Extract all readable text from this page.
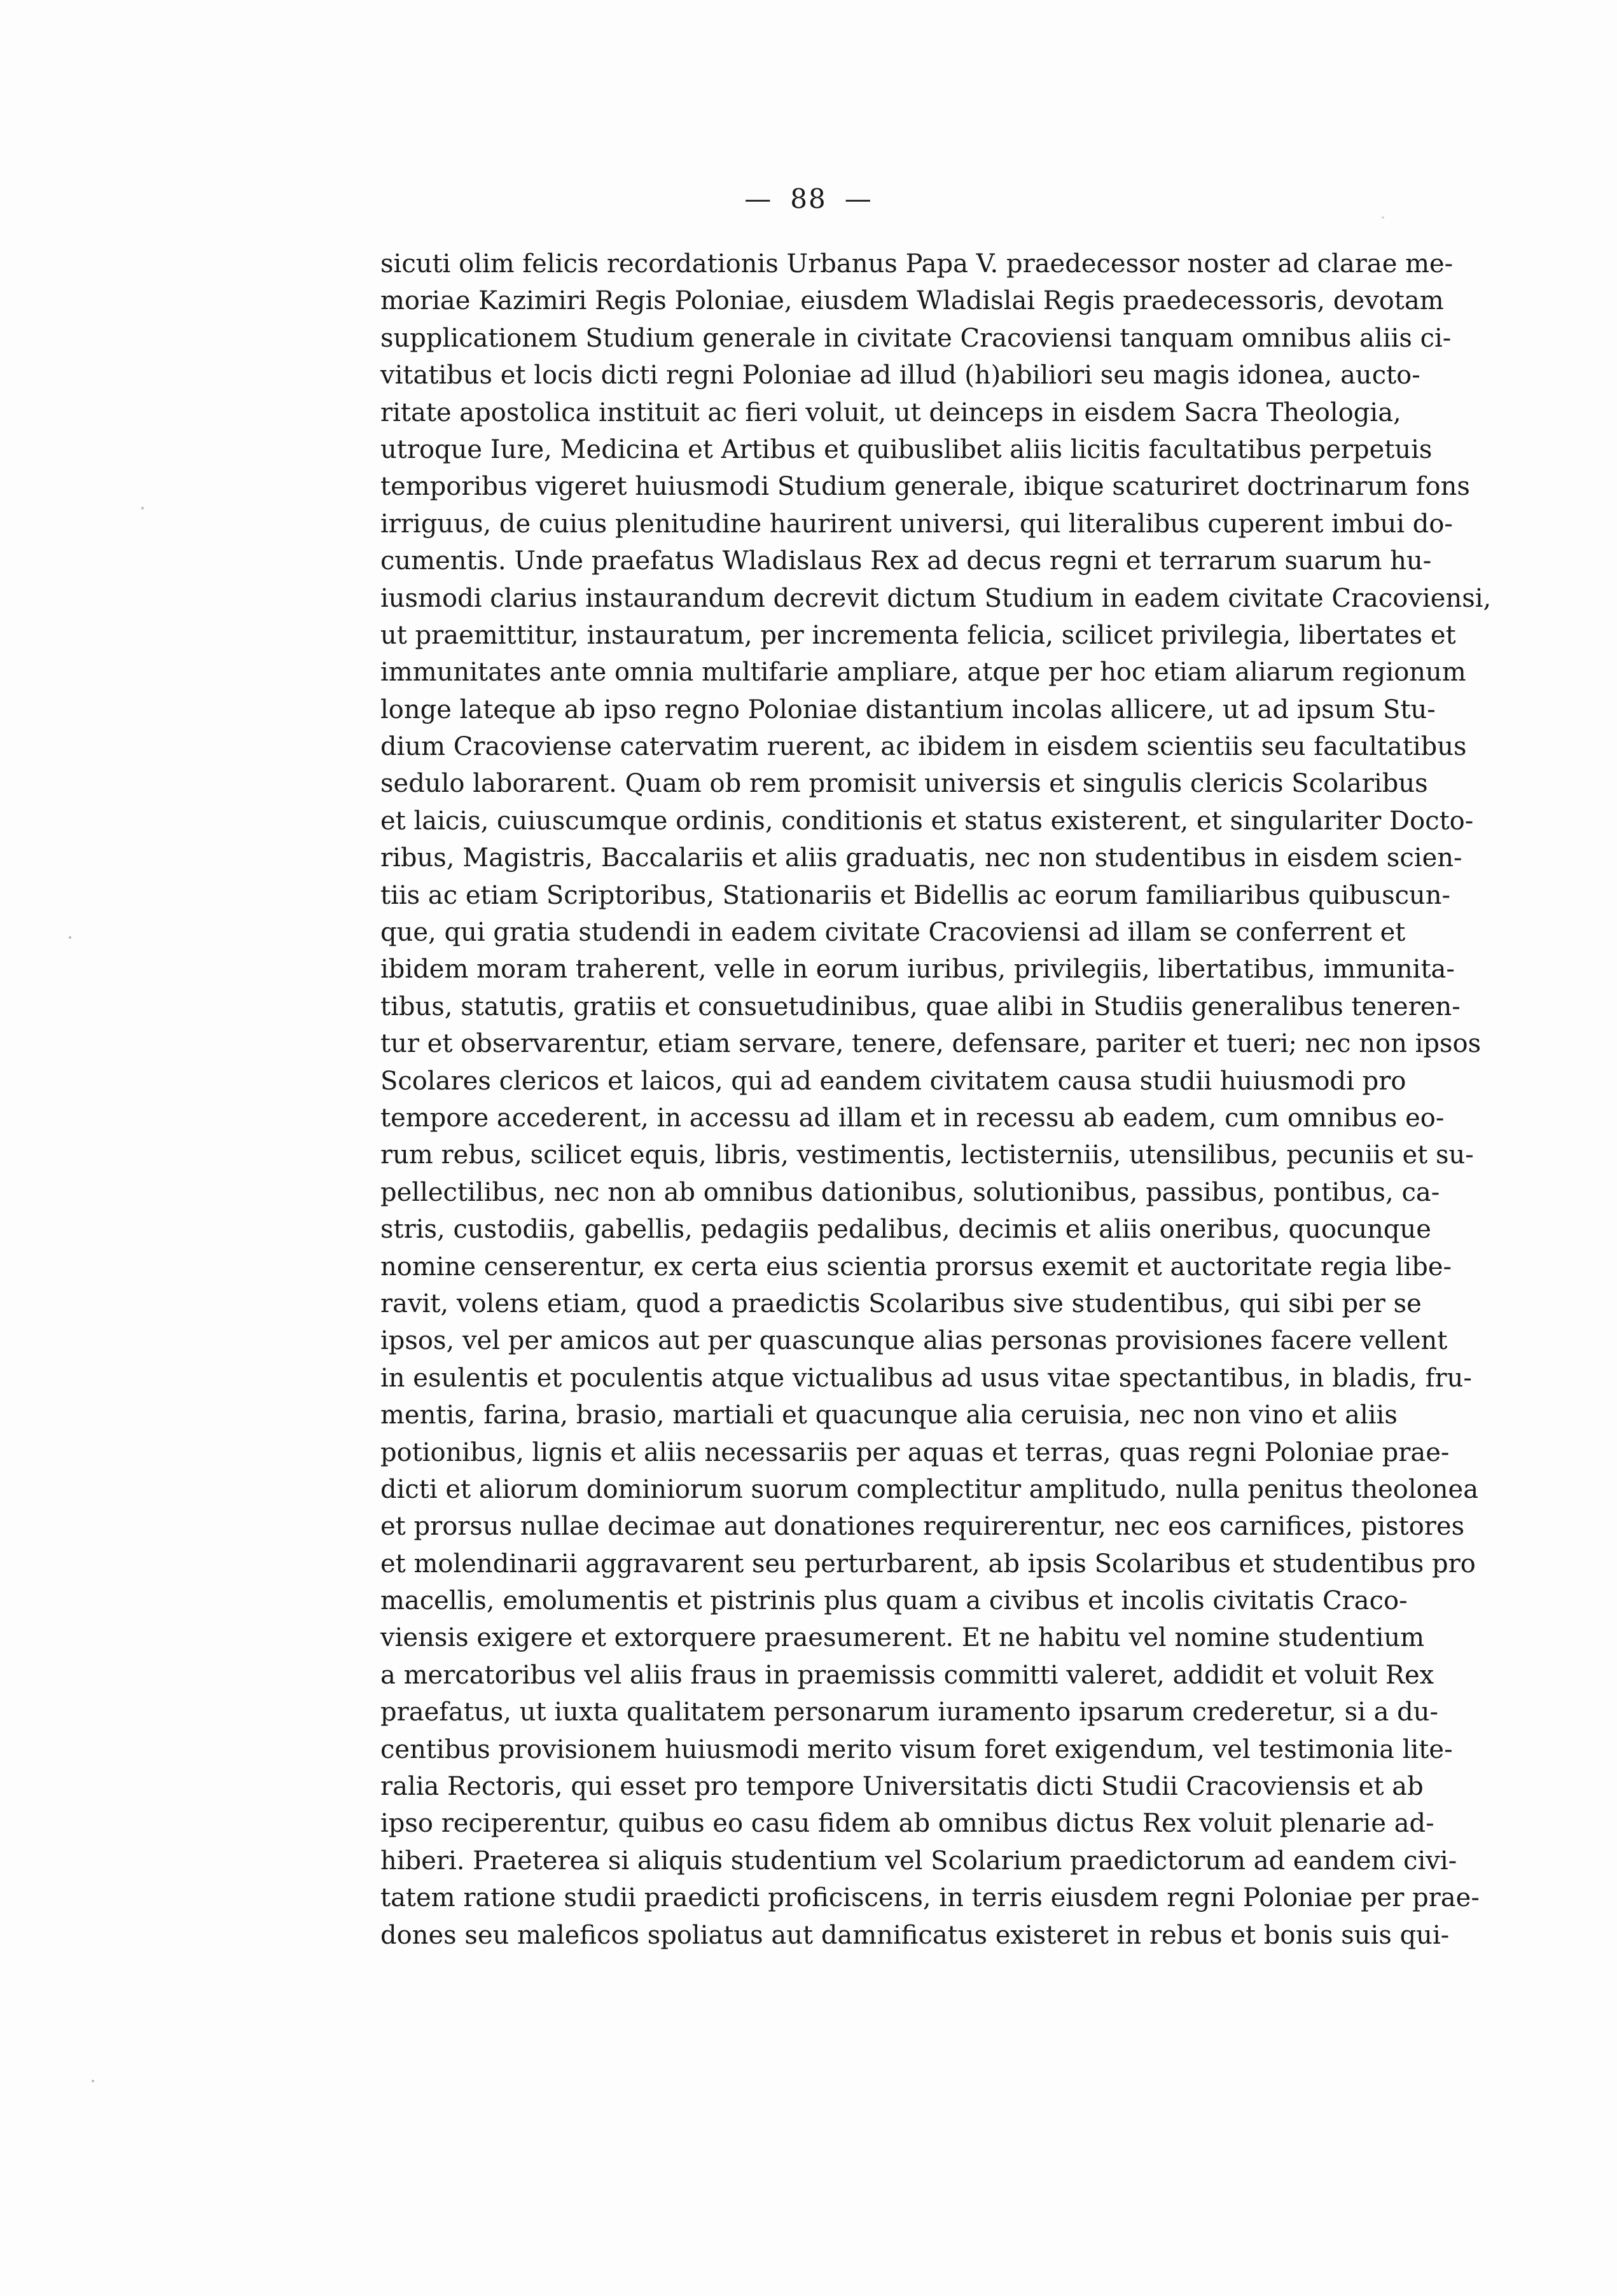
— 88 —
sicuti olim felicis recordationis Urbanus Papa V. praedecessor noster ad clarae me-
moriae Kazimiri Regis Poloniae, eiusdem Wladislai Regis praedecessoris, devotam
supplicationem Studium generale in civitate Cracoviensi tanquam omnibus aliis ci-
vitatibus et locis dicti regni Poloniae ad illud (h)abiliori seu magis idonea, aucto-
ritate apostolica instituit ac fieri voluit, ut deinceps in eisdem Sacra Theologia,
utroque Iure, Medicina et Artibus et quibuslibet aliis licitis facultatibus perpetuis
temporibus vigeret huiusmodi Studium generale, ibique scaturiret doctrinarum fons
irriguus, de cuius plenitudine haurirent universi, qui literalibus cuperent imbui do-
cumentis. Unde praefatus Wladislaus Rex ad decus regni et terrarum suarum hu-
iusmodi clarius instaurandum decrevit dictum Studium in eadem civitate Cracoviensi,
ut praemittitur, instauratum, per incrementa felicia, scilicet privilegia, libertates et
immunitates ante omnia multifarie ampliare, atque per hoc etiam aliarum regionum
longe lateque ab ipso regno Poloniae distantium incolas allicere, ut ad ipsum Stu-
dium Cracoviense catervatim ruerent, ac ibidem in eisdem scientiis seu facultatibus
sedulo laborarent. Quam ob rem promisit universis et singulis clericis Scolaribus
et laicis, cuiuscumque ordinis, conditionis et status existerent, et singulariter Docto-
ribus, Magistris, Baccalariis et aliis graduatis, nec non studentibus in eisdem scien-
tiis ac etiam Scriptoribus, Stationariis et Bidellis ac eorum familiaribus quibuscun-
que, qui gratia studendi in eadem civitate Cracoviensi ad illam se conferrent et
ibidem moram traherent, velle in eorum iuribus, privilegiis, libertatibus, immunita-
tibus, statutis, gratiis et consuetudinibus, quae alibi in Studiis generalibus teneren-
tur et observarentur, etiam servare, tenere, defensare, pariter et tueri; nec non ipsos
Scolares clericos et laicos, qui ad eandem civitatem causa studii huiusmodi pro
tempore accederent, in accessu ad illam et in recessu ab eadem, cum omnibus eo-
rum rebus, scilicet equis, libris, vestimentis, lectisterniis, utensilibus, pecuniis et su-
pellectilibus, nec non ab omnibus dationibus, solutionibus, passibus, pontibus, ca-
stris, custodiis, gabellis, pedagiis pedalibus, decimis et aliis oneribus, quocunque
nomine censerentur, ex certa eius scientia prorsus exemit et auctoritate regia libe-
ravit, volens etiam, quod a praedictis Scolaribus sive studentibus, qui sibi per se
ipsos, vel per amicos aut per quascunque alias personas provisiones facere vellent
in esulentis et poculentis atque victualibus ad usus vitae spectantibus, in bladis, fru-
mentis, farina, brasio, martiali et quacunque alia ceruisia, nec non vino et aliis
potionibus, lignis et aliis necessariis per aquas et terras, quas regni Poloniae prae-
dicti et aliorum dominiorum suorum complectitur amplitudo, nulla penitus theolonea
et prorsus nullae decimae aut donationes requirerentur, nec eos carnifices, pistores
et molendinarii aggravarent seu perturbarent, ab ipsis Scolaribus et studentibus pro
macellis, emolumentis et pistrinis plus quam a civibus et incolis civitatis Craco-
viensis exigere et extorquere praesumerent. Et ne habitu vel nomine studentium
a mercatoribus vel aliis fraus in praemissis committi valeret, addidit et voluit Rex
praefatus, ut iuxta qualitatem personarum iuramento ipsarum crederetur, si a du-
centibus provisionem huiusmodi merito visum foret exigendum, vel testimonia lite-
ralia Rectoris, qui esset pro tempore Universitatis dicti Studii Cracoviensis et ab
ipso reciperentur, quibus eo casu fidem ab omnibus dictus Rex voluit plenarie ad-
hiberi. Praeterea si aliquis studentium vel Scolarium praedictorum ad eandem civi-
tatem ratione studii praedicti proficiscens, in terris eiusdem regni Poloniae per prae-
dones seu maleficos spoliatus aut damnificatus existeret in rebus et bonis suis qui-
